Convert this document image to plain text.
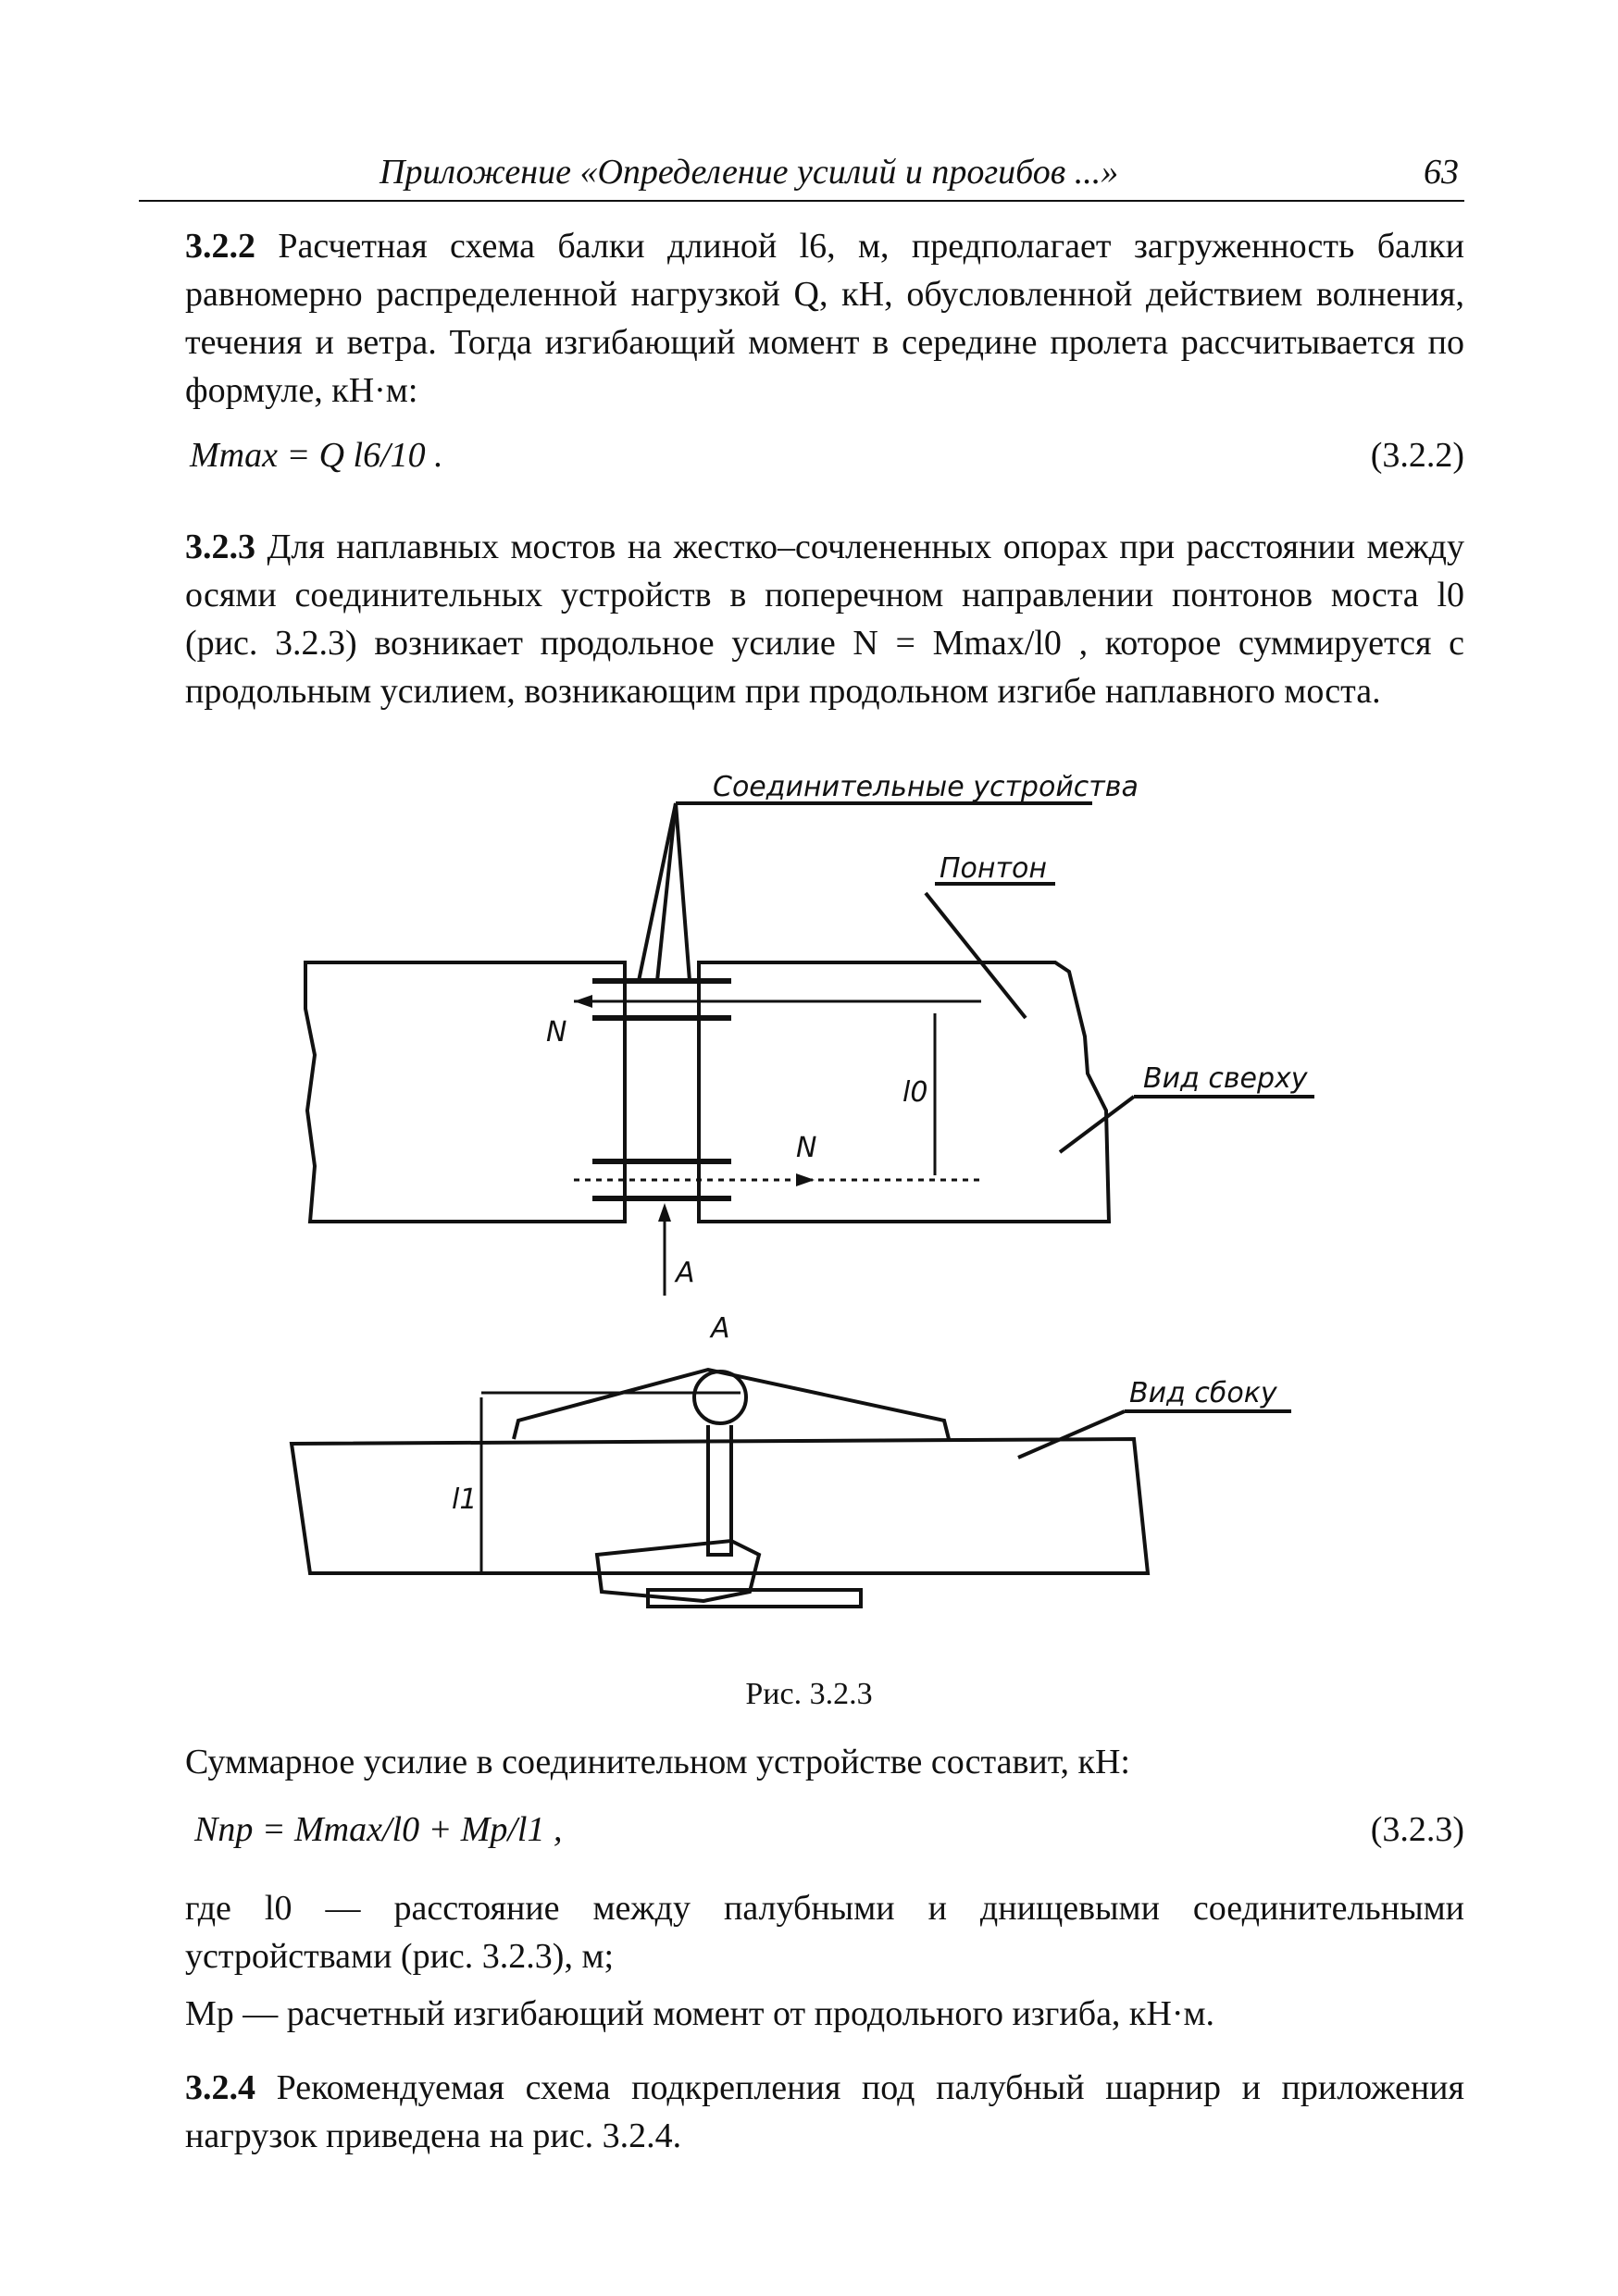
Приложение «Определение усилий и прогибов ...»	63

3.2.2 Расчетная схема балки длиной l6, м, предполагает загруженность балки равномерно распределенной нагрузкой Q, кН, обусловленной действием волнения, течения и ветра. Тогда изгибающий момент в середине пролета рассчитывается по формуле, кН·м:

Mmax = Q l6/10 .	(3.2.2)

3.2.3 Для наплавных мостов на жестко–сочлененных опорах при расстоянии между осями соединительных устройств в поперечном направлении понтонов моста l0 (рис. 3.2.3) возникает продольное усилие N = Mmax/l0 , которое суммируется с продольным усилием, возникающим при продольном изгибе наплавного моста.

Соединительные устройства
Понтон
Вид сверху
Вид сбоку
N
N
l0
l1
A
A
Рис. 3.2.3

Суммарное усилие в соединительном устройстве составит, кН:

Nпр = Mmax/l0 + Mp/l1 ,	(3.2.3)

где l0 — расстояние между палубными и днищевыми соединительными устройствами (рис. 3.2.3), м;

Mp — расчетный изгибающий момент от продольного изгиба, кН·м.

3.2.4 Рекомендуемая схема подкрепления под палубный шарнир и приложения нагрузок приведена на рис. 3.2.4.
